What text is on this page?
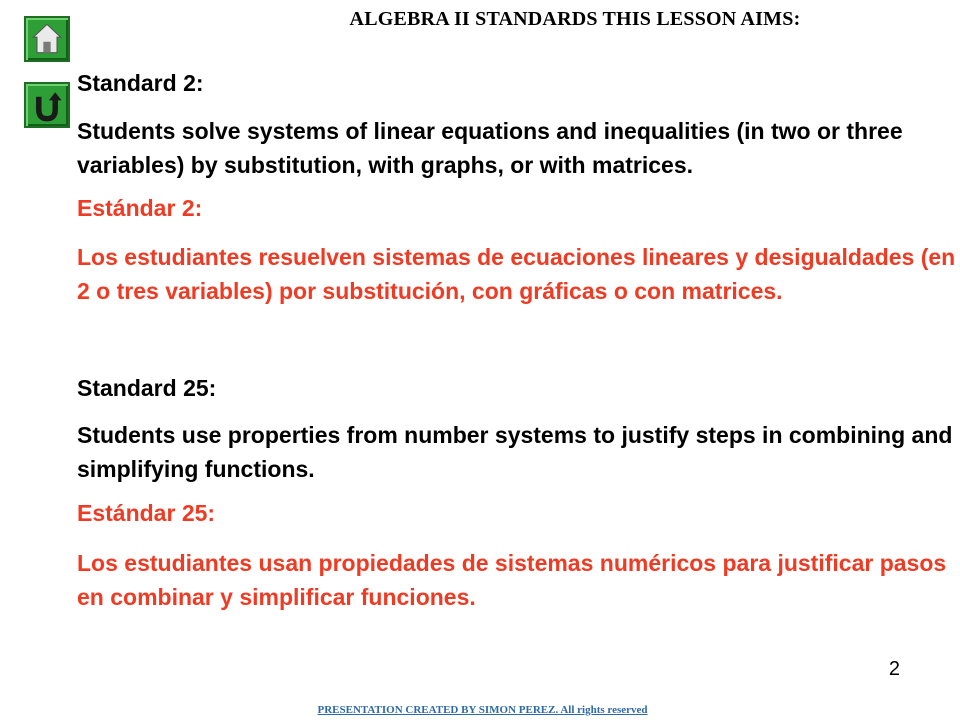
ALGEBRA II STANDARDS THIS LESSON AIMS:
Standard 2:
Students solve systems of linear equations and inequalities (in two or three variables) by substitution, with graphs, or with matrices.
Estándar 2:
Los estudiantes resuelven sistemas de ecuaciones lineares y desigualdades (en 2 o tres variables) por substitución, con gráficas o con matrices.
Standard 25:
Students use properties from number systems to justify steps in combining and simplifying functions.
Estándar 25:
Los estudiantes usan propiedades de sistemas numéricos para justificar pasos en combinar y simplificar funciones.
2
PRESENTATION CREATED BY SIMON PEREZ. All rights reserved
